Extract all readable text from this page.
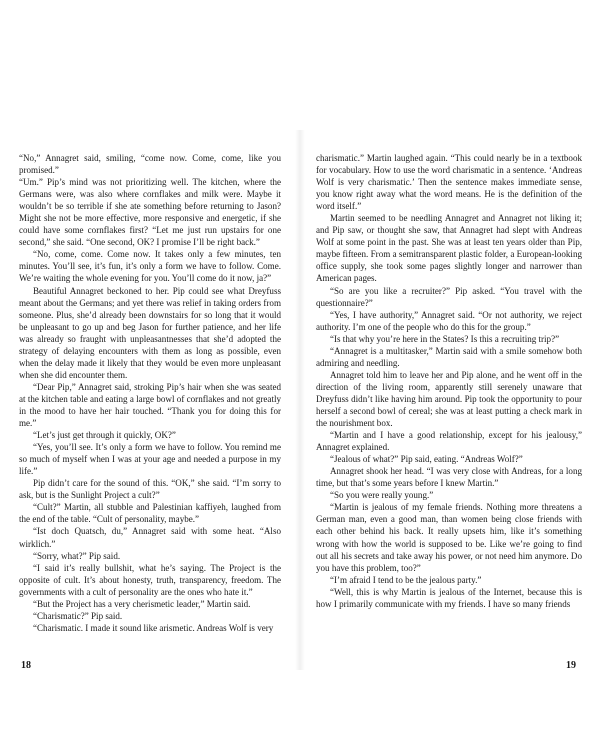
“No,” Annagret said, smiling, “come now. Come, come, like you promised.”

“Um.” Pip’s mind was not prioritizing well. The kitchen, where the Germans were, was also where cornflakes and milk were. Maybe it wouldn’t be so terrible if she ate something before returning to Jason? Might she not be more effective, more responsive and energetic, if she could have some cornflakes first? “Let me just run upstairs for one second,” she said. “One second, OK? I promise I’ll be right back.”

“No, come, come. Come now. It takes only a few minutes, ten minutes. You’ll see, it’s fun, it’s only a form we have to follow. Come. We’re waiting the whole evening for you. You’ll come do it now, ja?”

Beautiful Annagret beckoned to her. Pip could see what Dreyfuss meant about the Germans; and yet there was relief in taking orders from someone. Plus, she’d already been downstairs for so long that it would be unpleasant to go up and beg Jason for further patience, and her life was already so fraught with unpleasantnesses that she’d adopted the strategy of delaying encounters with them as long as possible, even when the delay made it likely that they would be even more unpleasant when she did encounter them.

“Dear Pip,” Annagret said, stroking Pip’s hair when she was seated at the kitchen table and eating a large bowl of cornflakes and not greatly in the mood to have her hair touched. “Thank you for doing this for me.”

“Let’s just get through it quickly, OK?”

“Yes, you’ll see. It’s only a form we have to follow. You remind me so much of myself when I was at your age and needed a purpose in my life.”

Pip didn’t care for the sound of this. “OK,” she said. “I’m sorry to ask, but is the Sunlight Project a cult?”

“Cult?” Martin, all stubble and Palestinian kaffiyeh, laughed from the end of the table. “Cult of personality, maybe.”

“Ist doch Quatsch, du,” Annagret said with some heat. “Also wirklich.”

“Sorry, what?” Pip said.

“I said it’s really bullshit, what he’s saying. The Project is the opposite of cult. It’s about honesty, truth, transparency, freedom. The governments with a cult of personality are the ones who hate it.”

“But the Project has a very cherismetic leader,” Martin said.

“Charismatic?” Pip said.

“Charismatic. I made it sound like arismetic. Andreas Wolf is very

charismatic.” Martin laughed again. “This could nearly be in a textbook for vocabulary. How to use the word charismatic in a sentence. ‘Andreas Wolf is very charismatic.’ Then the sentence makes immediate sense, you know right away what the word means. He is the definition of the word itself.”

Martin seemed to be needling Annagret and Annagret not liking it; and Pip saw, or thought she saw, that Annagret had slept with Andreas Wolf at some point in the past. She was at least ten years older than Pip, maybe fifteen. From a semitransparent plastic folder, a European-looking office supply, she took some pages slightly longer and narrower than American pages.

“So are you like a recruiter?” Pip asked. “You travel with the questionnaire?”

“Yes, I have authority,” Annagret said. “Or not authority, we reject authority. I’m one of the people who do this for the group.”

“Is that why you’re here in the States? Is this a recruiting trip?”

“Annagret is a multitasker,” Martin said with a smile somehow both admiring and needling.

Annagret told him to leave her and Pip alone, and he went off in the direction of the living room, apparently still serenely unaware that Dreyfuss didn’t like having him around. Pip took the opportunity to pour herself a second bowl of cereal; she was at least putting a check mark in the nourishment box.

“Martin and I have a good relationship, except for his jealousy,” Annagret explained.

“Jealous of what?” Pip said, eating. “Andreas Wolf?”

Annagret shook her head. “I was very close with Andreas, for a long time, but that’s some years before I knew Martin.”

“So you were really young.”

“Martin is jealous of my female friends. Nothing more threatens a German man, even a good man, than women being close friends with each other behind his back. It really upsets him, like it’s something wrong with how the world is supposed to be. Like we’re going to find out all his secrets and take away his power, or not need him anymore. Do you have this problem, too?”

“I’m afraid I tend to be the jealous party.”

“Well, this is why Martin is jealous of the Internet, because this is how I primarily communicate with my friends. I have so many friends

18	19
